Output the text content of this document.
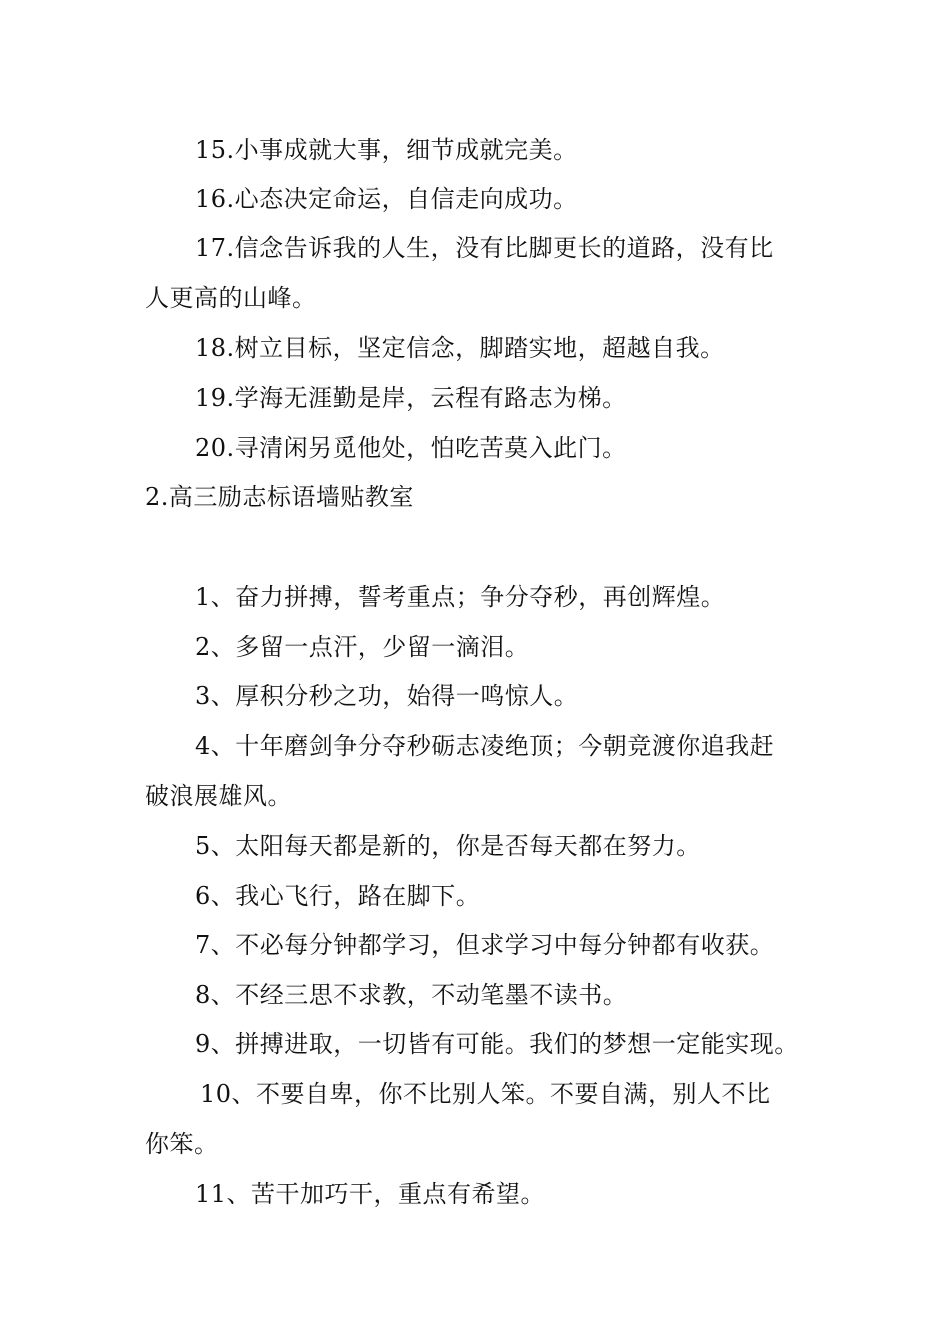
15.小事成就大事，细节成就完美。
16.心态决定命运，自信走向成功。
17.信念告诉我的人生，没有比脚更长的道路，没有比
人更高的山峰。
18.树立目标，坚定信念，脚踏实地，超越自我。
19.学海无涯勤是岸，云程有路志为梯。
20.寻清闲另觅他处，怕吃苦莫入此门。
2.高三励志标语墙贴教室
1、奋力拼搏，誓考重点；争分夺秒，再创辉煌。
2、多留一点汗，少留一滴泪。
3、厚积分秒之功，始得一鸣惊人。
4、十年磨剑争分夺秒砺志凌绝顶；今朝竞渡你追我赶
破浪展雄风。
5、太阳每天都是新的，你是否每天都在努力。
6、我心飞行，路在脚下。
7、不必每分钟都学习，但求学习中每分钟都有收获。
8、不经三思不求教，不动笔墨不读书。
9、拼搏进取，一切皆有可能。我们的梦想一定能实现。
10、不要自卑，你不比别人笨。不要自满，别人不比
你笨。
11、苦干加巧干，重点有希望。
